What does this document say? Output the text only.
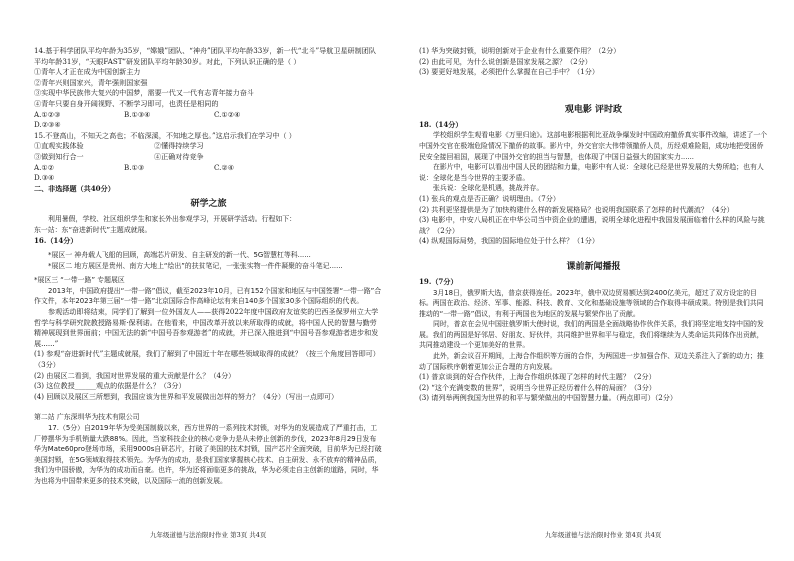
14.基于科学团队平均年龄为35岁，“嫦娥”团队、“神舟”团队平均年龄33岁，新一代“北斗”导航卫星研制团队平均年龄31岁，“天眼FAST”研发团队平均年龄30岁。对此，下列认识正确的是（ ）

①青年人才正在成为中国创新主力

②青年兴则国家兴，青年强则国家强

③实现中华民族伟大复兴的中国梦，需要一代又一代有志青年接力奋斗

④青年只要自身开阔视野、不断学习即可，也责任是相同的

A.①②③	B.①③④	C.①②④
D.②③④

15.不登高山，不知天之高也；不临深溪，不知地之厚也。”这启示我们在学习中（ ）

①直观实践体验	②懂得持续学习
③做到知行合一	④正确对待竞争
A.①②	B.①③	C.②④
D.③④

二、非选择题（共40分）

研学之旅

利用暑假，学校、社区组织学生和家长外出参观学习，开展研学活动。行程如下：

东一站：东“奋进新时代”主题成就展。

16.（14分）

*展区一 神舟载人飞船的回顾，高端芯片研发、自主研发的新一代、5G智慧杠等科......

*展区二 地方展区是贵州、南方大地上“绘出”的扶贫笔记，一张张实物一件件凝聚的奋斗笔记......

*展区三 “一带一路” 专题展区

2013年，中国政府提出“一带一路”倡议，截至2023年10月，已有152个国家和地区与中国签署“一带一路”合作文件，本年2023年第三届“一带一路”北京国际合作高峰论坛有来自140多个国家30多个国际组织的代表。

参观活动即将结束，同学们了解到一位外国友人——获得2022年度中国政府友谊奖的巴西圣保罗州立大学哲学与科学研究院教授路易斯·保利诺。在他看来，中国改革开放以来所取得的成就，将中国人民的智慧与勤劳精神展现到世界面前；中国无法的新“中国号吾参观游者”的成就，并已深入推进到“中国号吾参观游者进步和发展......”

(1) 参观“奋进新时代”主题成就展，我们了解到了中国近十年在哪些领域取得的成就？（按三个角度回答即可）（3分）

(2) 由展区二看到，我国对世界发展的重大贡献是什么？（4分）

(3) 这位教授______观点的依据是什么？（3分）

(4) 回顾以及展区三所想到，我国应该为世界和平发展做出怎样的努力？（4分）（写出一点即可）

第二站 广东深圳华为技术有限公司

17.（5分）自2019年华为受美国制裁以来，西方世界的一系列技术封锁，对华为的发展造成了严重打击，工厂停摆华为手机销量大跌88%。因此，当家科技企业的核心竞争力是从未停止创新的步伐，2023年8月29日发布华为Mate60pro登场市场，采用9000s自研芯片，打破了美国的技术封锁，国产芯片全面突破，目前华为已经打破美国封锁，在5G领域取得技术领先。为华为的成功，是我们国家掌握核心技术、自主研发、永不放弃的精神品质，我们为中国骄傲，为华为的成功而自豪。也许，华为还将面临更多的挑战，华为必须走自主创新的道路，同时，华为也将为中国带来更多的技术突破，以及国际一流的创新发展。

九年级道德与法治限时作业 第3页 共4页

(1) 华为突破封锁，说明创新对于企业有什么重要作用？（2分）

(2) 由此可见，为什么说创新是国家发展之源？（2分）

(3) 要更好地发展，必须把什么掌握在自己手中？（1分）

观电影 评时政

18.（14分）

学校组织学生观看电影《万里归途》。这部电影根据利比亚战争爆发时中国政府撤侨真实事件改编，讲述了一个中国外交官在极端危险情况下撤侨的故事。影片中，外交官宗大伟带领撤侨人员，历经艰难险阻，成功地把受困侨民安全接回祖国，展现了中国外交官的担当与智慧，也体现了中国日益强大的国家实力......

在影片中，电影可以看出中国人民的团结和力量，电影中有人说：全球化已经是世界发展的大势所趋；也有人说：全球化是当今世界的主要矛盾。

张兵说：全球化是机遇，挑战并存。

(1) 张兵的观点是否正确？说明理由。（7分）

(2) 共利更坚提供是为了加快构建什么样的新发展格局？也说明我国联系了怎样的时代潮流？（4分）

(3) 电影中，中安八局机正在中华公司当中资企业的遭遇，说明全球化进程中我国发展面临着什么样的风险与挑战？（2分）

(4) 纵观国际局势，我国的国际地位处于什么样？（1分）

课前新闻播报

19.（7分）

3月18日，俄罗斯大选，普京获得连任。2023年，俄中双边贸易额达到2400亿美元，超过了双方设定的目标。两国在政治、经济、军事、能源、科技、教育、文化和基础设施等领域的合作取得丰硕成果。特别是我们共同推动的“一带一路”倡议，有利于两国也为地区的发展与繁荣作出了贡献。

同时，普京在会见中国驻俄罗斯大使时说，我们的两国是全面战略协作伙伴关系，我们将坚定地支持中国的发展。我们的两国是好邻居、好朋友、好伙伴，共同维护世界和平与稳定，我们将继续为人类命运共同体作出贡献，共同推动建设一个更加美好的世界。

此外，新会议召开期间，上海合作组织等方面的合作，为两国进一步加强合作、双边关系注入了新的动力；推动了国际秩序朝着更加公正合理的方向发展。

(1) 普京谈到的好合作伙伴，上海合作组织体现了怎样的时代主题？（2分）

(2) “这个充满变数的世界”，说明当今世界正经历着什么样的局面？（3分）

(3) 请列举两例我国为世界的和平与繁荣做出的中国智慧力量。（两点即可）（2分）

九年级道德与法治限时作业 第4页 共4页
